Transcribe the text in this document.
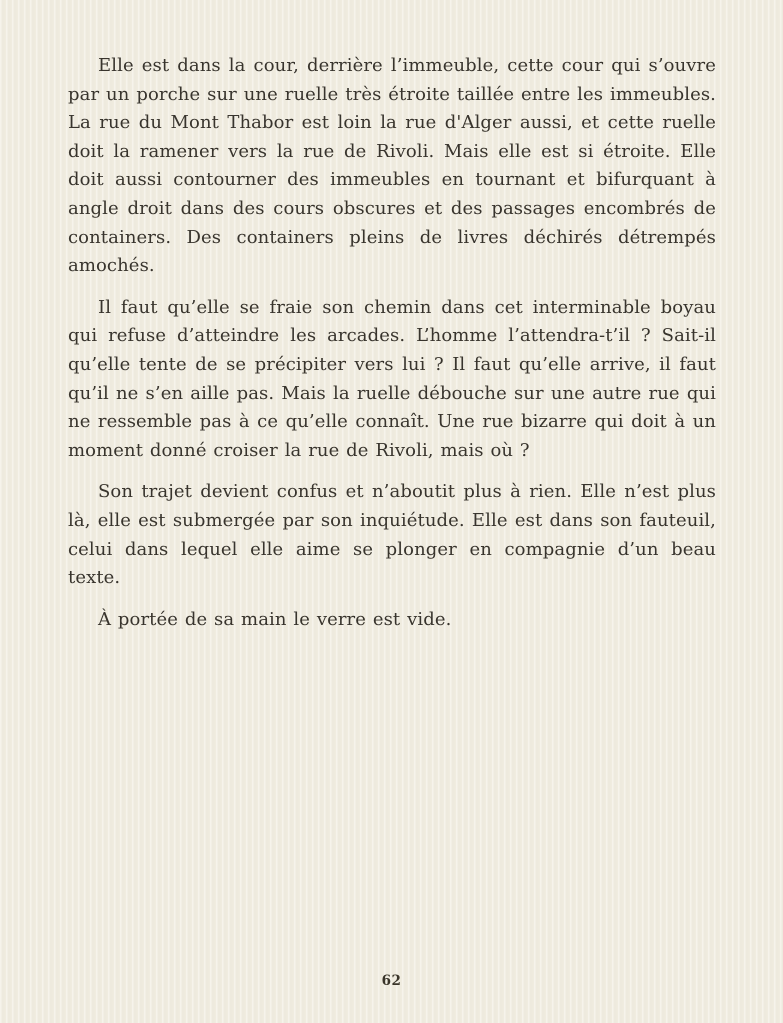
Elle est dans la cour, derrière l’immeuble, cette cour qui s’ouvre par un porche sur une ruelle très étroite taillée entre les immeubles. La rue du Mont Thabor est loin la rue d'Alger aussi, et cette ruelle doit la ramener vers la rue de Rivoli. Mais elle est si étroite. Elle doit aussi contourner des immeubles en tournant et bifurquant à angle droit dans des cours obscures et des passages encombrés de containers. Des containers pleins de livres déchirés détrempés amochés.

Il faut qu’elle se fraie son chemin dans cet interminable boyau qui refuse d’atteindre les arcades. L’homme l’attendra-t’il ? Sait-il qu’elle tente de se précipiter vers lui ? Il faut qu’elle arrive, il faut qu’il ne s’en aille pas. Mais la ruelle débouche sur une autre rue qui ne ressemble pas à ce qu’elle connaît. Une rue bizarre qui doit à un moment donné croiser la rue de Rivoli, mais où ?

Son trajet devient confus et n’aboutit plus à rien. Elle n’est plus là, elle est submergée par son inquiétude. Elle est dans son fauteuil, celui dans lequel elle aime se plonger en compagnie d’un beau texte.

À portée de sa main le verre est vide.

62
